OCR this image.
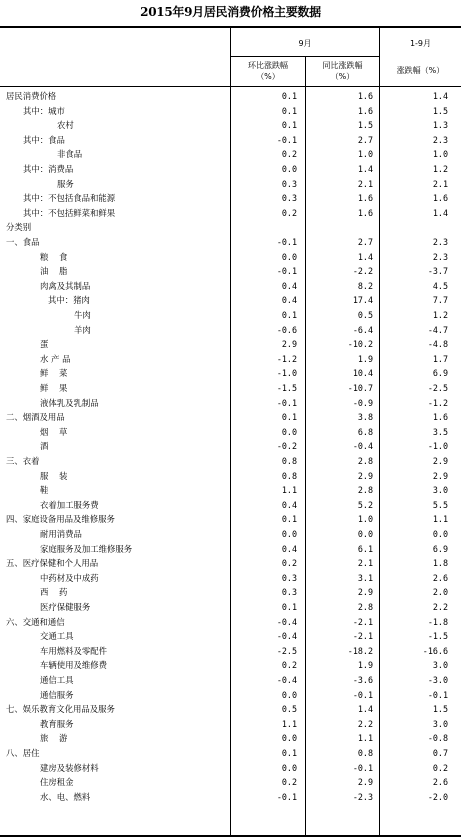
2015年9月居民消费价格主要数据
9月	1-9月
环比涨跌幅
（%）
同比涨跌幅
（%）
涨跌幅（%）
居民消费价格	0.1	1.6	1.4
其中：城市	0.1	1.6	1.5
农村	0.1	1.5	1.3
其中：食品	-0.1	2.7	2.3
非食品	0.2	1.0	1.0
其中：消费品	0.0	1.4	1.2
服务	0.3	2.1	2.1
其中：不包括食品和能源	0.3	1.6	1.6
其中：不包括鲜菜和鲜果	0.2	1.6	1.4
分类别
一、食品	-0.1	2.7	2.3
粮    食	0.0	1.4	2.3
油    脂	-0.1	-2.2	-3.7
肉禽及其制品	0.4	8.2	4.5
其中：猪肉	0.4	17.4	7.7
牛肉	0.1	0.5	1.2
羊肉	-0.6	-6.4	-4.7
蛋	2.9	-10.2	-4.8
水 产 品	-1.2	1.9	1.7
鲜    菜	-1.0	10.4	6.9
鲜    果	-1.5	-10.7	-2.5
液体乳及乳制品	-0.1	-0.9	-1.2
二、烟酒及用品	0.1	3.8	1.6
烟    草	0.0	6.8	3.5
酒	-0.2	-0.4	-1.0
三、衣着	0.8	2.8	2.9
服    装	0.8	2.9	2.9
鞋	1.1	2.8	3.0
衣着加工服务费	0.4	5.2	5.5
四、家庭设备用品及维修服务	0.1	1.0	1.1
耐用消费品	0.0	0.0	0.0
家庭服务及加工维修服务	0.4	6.1	6.9
五、医疗保健和个人用品	0.2	2.1	1.8
中药材及中成药	0.3	3.1	2.6
西    药	0.3	2.9	2.0
医疗保健服务	0.1	2.8	2.2
六、交通和通信	-0.4	-2.1	-1.8
交通工具	-0.4	-2.1	-1.5
车用燃料及零配件	-2.5	-18.2	-16.6
车辆使用及维修费	0.2	1.9	3.0
通信工具	-0.4	-3.6	-3.0
通信服务	0.0	-0.1	-0.1
七、娱乐教育文化用品及服务	0.5	1.4	1.5
教育服务	1.1	2.2	3.0
旅    游	0.0	1.1	-0.8
八、居住	0.1	0.8	0.7
建房及装修材料	0.0	-0.1	0.2
住房租金	0.2	2.9	2.6
水、电、燃料	-0.1	-2.3	-2.0
